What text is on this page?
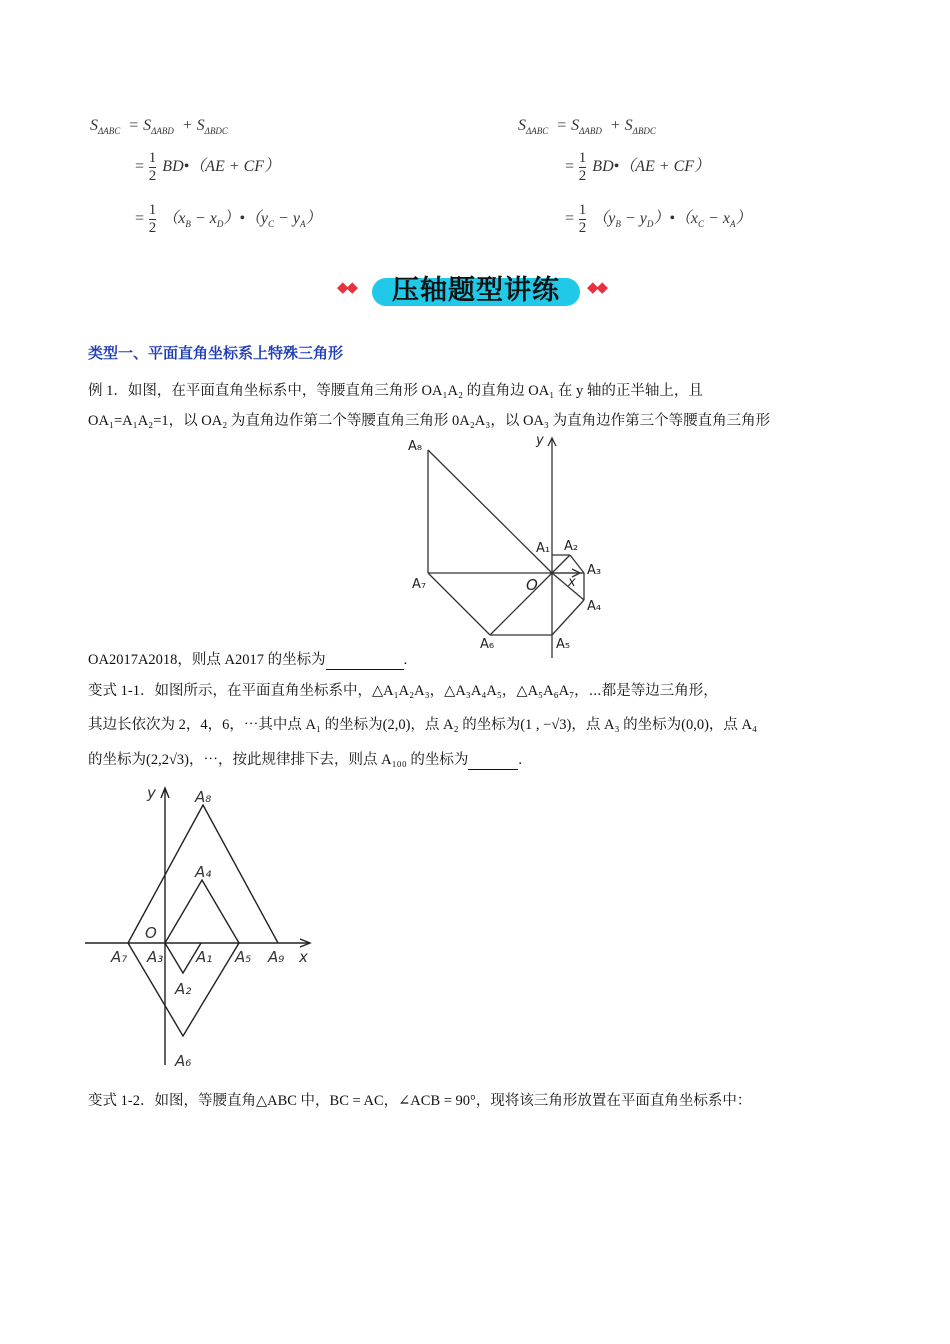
$S_{\Delta ABC} = S_{\Delta ABD} + S_{\Delta BDC}$
= $\frac{1}{2}$ BD•（AE + CF）
= $\frac{1}{2} (x_B$ − $x_D)•(y_C - y_A)$
$S_{\Delta ABC} = S_{\Delta ABD} + S_{\Delta BDC}$
= $\frac{1}{2}$ BD•（AE + CF）
= $\frac{1}{2} (y_B$ − $y_D)•(x_C - x_A)$
◆◆	压轴题型讲练	◆◆
类型一、平面直角坐标系上特殊三角形
例 1．如图，在平面直角坐标系中，等腰直角三角形 OA₁A₂ 的直角边 OA₁ 在 y 轴的正半轴上，且
OA₁=A₁A₂=1，以 OA₂ 为直角边作第二个等腰直角三角形 0A₂A₃，以 OA₃ 为直角边作第三个等腰直角三角形
A₈	y
A₁ A₂
A₃
A₄
A₇	O x
A₆	A₅
OA2017A2018，则点 A2017 的坐标为	.
变式 1-1．如图所示，在平面直角坐标系中，△A₁A₂A₃，△A₃A₄A₅，△A₅A₆A₇，⋯都是等边三角形，
其边长依次为 2，4，6，⋯其中点 A₁ 的坐标为(2,0)，点 A₂ 的坐标为(1 , −√3)，点 A₃ 的坐标为(0,0)，点 A₄
的坐标为(2,2√3)，⋯，按此规律排下去，则点 A₁₀₀ 的坐标为	.
y	A₈
A₄
O
A₇ A₃ A₁ A₅ A₉ x
A₂
A₆
变式 1-2．如图，等腰直角△ABC 中，BC = AC，∠ACB = 90°，现将该三角形放置在平面直角坐标系中：
